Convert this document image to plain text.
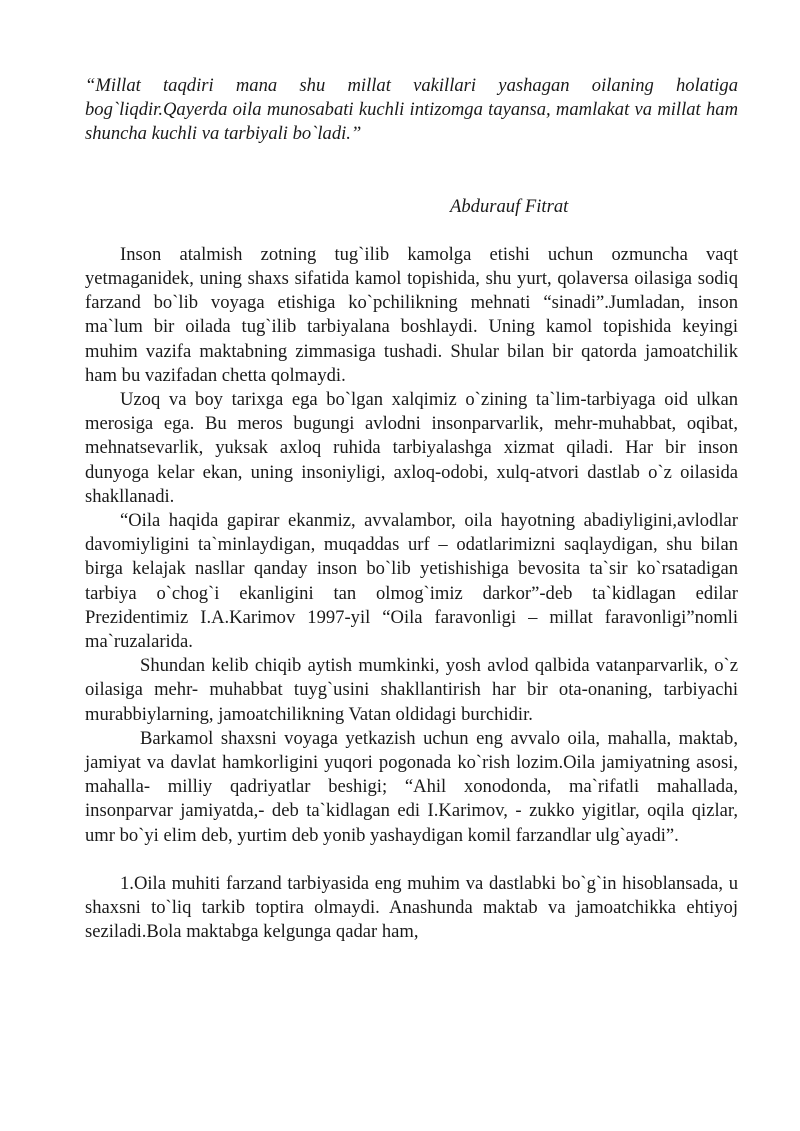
“Millat taqdiri mana shu millat vakillari yashagan oilaning holatiga bog`liqdir.Qayerda oila munosabati kuchli intizomga tayansa, mamlakat va millat ham shuncha kuchli va tarbiyali bo`ladi.”

Abdurauf Fitrat

Inson atalmish zotning tug`ilib kamolga etishi uchun ozmuncha vaqt yetmaganidek, uning shaxs sifatida kamol topishida, shu yurt, qolaversa oilasiga sodiq farzand bo`lib voyaga etishiga ko`pchilikning mehnati “sinadi”.Jumladan, inson ma`lum bir oilada tug`ilib tarbiyalana boshlaydi. Uning kamol topishida keyingi muhim vazifa maktabning zimmasiga tushadi. Shular bilan bir qatorda jamoatchilik ham bu vazifadan chetta qolmaydi.

Uzoq va boy tarixga ega bo`lgan xalqimiz o`zining ta`lim-tarbiyaga oid ulkan merosiga ega. Bu meros bugungi avlodni insonparvarlik, mehr-muhabbat, oqibat, mehnatsevarlik, yuksak axloq ruhida tarbiyalashga xizmat qiladi. Har bir inson dunyoga kelar ekan, uning insoniyligi, axloq-odobi, xulq-atvori dastlab o`z oilasida shakllanadi.

“Oila haqida gapirar ekanmiz, avvalambor, oila hayotning abadiyligini,avlodlar davomiyligini ta`minlaydigan, muqaddas urf – odatlarimizni saqlaydigan, shu bilan birga kelajak nasllar qanday inson bo`lib yetishishiga bevosita ta`sir ko`rsatadigan tarbiya o`chog`i ekanligini tan olmog`imiz darkor”-deb ta`kidlagan edilar Prezidentimiz I.A.Karimov 1997-yil “Oila faravonligi – millat faravonligi”nomli ma`ruzalarida.

Shundan kelib chiqib aytish mumkinki, yosh avlod qalbida vatanparvarlik, o`z oilasiga mehr- muhabbat tuyg`usini shakllantirish har bir ota-onaning, tarbiyachi murabbiylarning, jamoatchilikning Vatan oldidagi burchidir.

Barkamol shaxsni voyaga yetkazish uchun eng avvalo oila, mahalla, maktab, jamiyat va davlat hamkorligini yuqori pogonada ko`rish lozim.Oila jamiyatning asosi, mahalla- milliy qadriyatlar beshigi; “Ahil xonodonda, ma`rifatli mahallada, insonparvar jamiyatda,- deb ta`kidlagan edi I.Karimov, - zukko yigitlar, oqila qizlar, umr bo`yi elim deb, yurtim deb yonib yashaydigan komil farzandlar ulg`ayadi”.

1.Oila muhiti farzand tarbiyasida eng muhim va dastlabki bo`g`in hisoblansada, u shaxsni to`liq tarkib toptira olmaydi. Anashunda maktab va jamoatchikka ehtiyoj seziladi.Bola maktabga kelgunga qadar ham,
